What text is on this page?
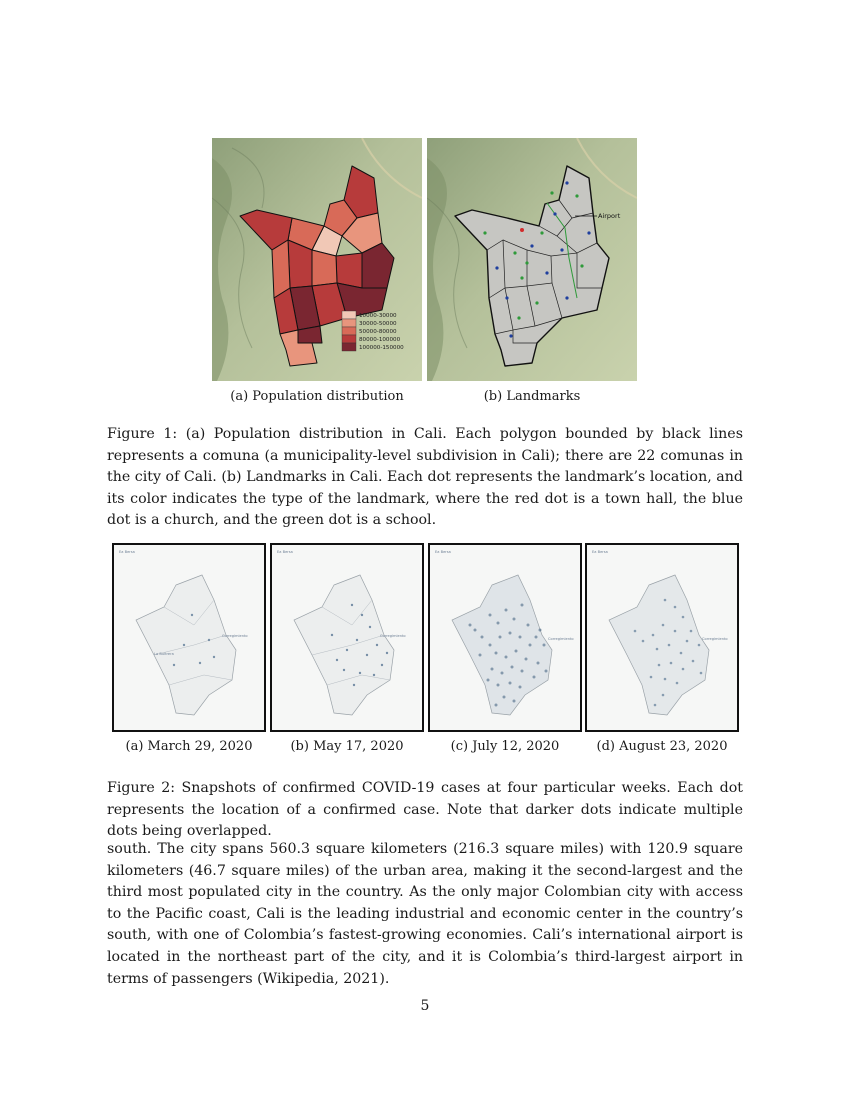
10000-30000
30000-50000
50000-80000
80000-100000
100000-150000
(a) Population distribution
Airport
(b) Landmarks
Figure 1: (a) Population distribution in Cali. Each polygon bounded by black lines represents a comuna (a municipality-level subdivision in Cali); there are 22 comunas in the city of Cali. (b) Landmarks in Cali. Each dot represents the landmark’s location, and its color indicates the type of the landmark, where the red dot is a town hall, the blue dot is a church, and the green dot is a school.
Ea Bersa
Corregimiento
La Buitrera
Ea Bersa
Corregimiento
Ea Bersa
Corregimiento
Ea Bersa
Corregimiento
(a) March 29, 2020	(b) May 17, 2020	(c) July 12, 2020	(d) August 23, 2020
Figure 2: Snapshots of confirmed COVID-19 cases at four particular weeks. Each dot represents the location of a confirmed case. Note that darker dots indicate multiple dots being overlapped.
south. The city spans 560.3 square kilometers (216.3 square miles) with 120.9 square kilometers (46.7 square miles) of the urban area, making it the second-largest and the third most populated city in the country. As the only major Colombian city with access to the Pacific coast, Cali is the leading industrial and economic center in the country’s south, with one of Colombia’s fastest-growing economies. Cali’s international airport is located in the northeast part of the city, and it is Colombia’s third-largest airport in terms of passengers (Wikipedia, 2021).
5
